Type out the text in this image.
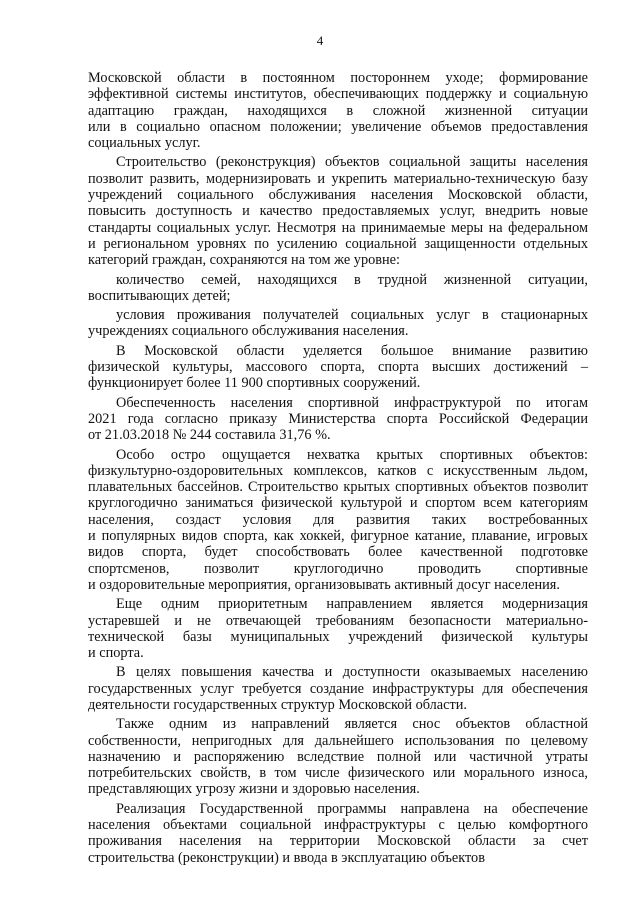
4
Московской области в постоянном постороннем уходе; формирование
эффективной системы институтов, обеспечивающих поддержку и социальную
адаптацию граждан, находящихся в сложной жизненной ситуации
или в социально опасном положении; увеличение объемов предоставления
социальных услуг.
Строительство (реконструкция) объектов социальной защиты населения
позволит развить, модернизировать и укрепить материально-техническую базу
учреждений социального обслуживания населения Московской области,
повысить доступность и качество предоставляемых услуг, внедрить новые
стандарты социальных услуг. Несмотря на принимаемые меры на федеральном
и региональном уровнях по усилению социальной защищенности отдельных
категорий граждан, сохраняются на том же уровне:
количество семей, находящихся в трудной жизненной ситуации,
воспитывающих детей;
условия проживания получателей социальных услуг в стационарных
учреждениях социального обслуживания населения.
В Московской области уделяется большое внимание развитию
физической культуры, массового спорта, спорта высших достижений –
функционирует более 11 900 спортивных сооружений.
Обеспеченность населения спортивной инфраструктурой по итогам
2021 года согласно приказу Министерства спорта Российской Федерации
от 21.03.2018 № 244 составила 31,76 %.
Особо остро ощущается нехватка крытых спортивных объектов:
физкультурно-оздоровительных комплексов, катков с искусственным льдом,
плавательных бассейнов. Строительство крытых спортивных объектов позволит
круглогодично заниматься физической культурой и спортом всем категориям
населения, создаст условия для развития таких востребованных
и популярных видов спорта, как хоккей, фигурное катание, плавание, игровых
видов спорта, будет способствовать более качественной подготовке
спортсменов, позволит круглогодично проводить спортивные
и оздоровительные мероприятия, организовывать активный досуг населения.
Еще одним приоритетным направлением является модернизация
устаревшей и не отвечающей требованиям безопасности материально-
технической базы муниципальных учреждений физической культуры
и спорта.
В целях повышения качества и доступности оказываемых населению
государственных услуг требуется создание инфраструктуры для обеспечения
деятельности государственных структур Московской области.
Также одним из направлений является снос объектов областной
собственности, непригодных для дальнейшего использования по целевому
назначению и распоряжению вследствие полной или частичной утраты
потребительских свойств, в том числе физического или морального износа,
представляющих угрозу жизни и здоровью населения.
Реализация Государственной программы направлена на обеспечение
населения объектами социальной инфраструктуры с целью комфортного
проживания населения на территории Московской области за счет
строительства (реконструкции) и ввода в эксплуатацию объектов
